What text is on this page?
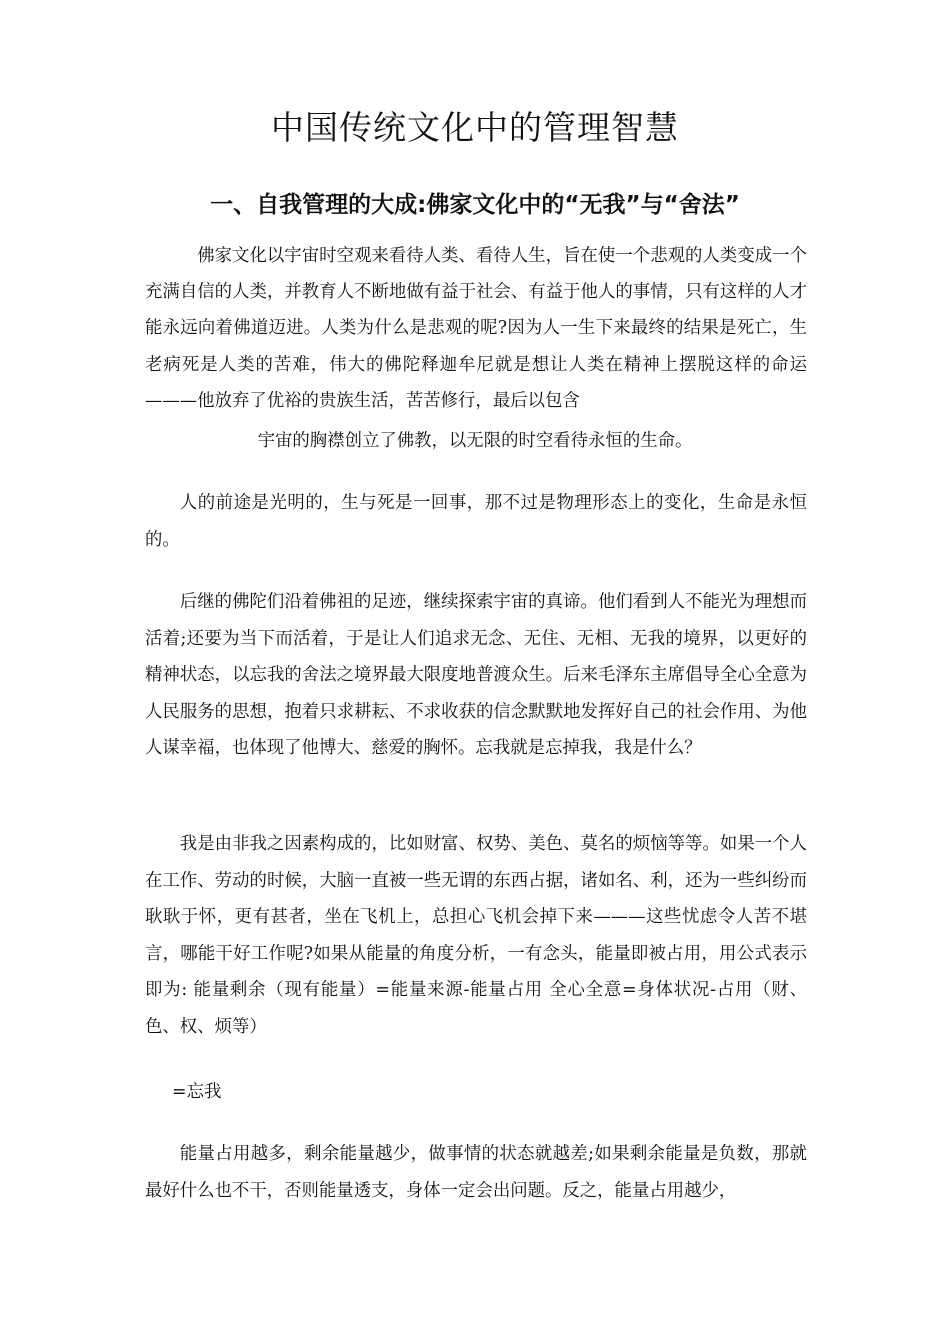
中国传统文化中的管理智慧
一、自我管理的大成:佛家文化中的“无我”与“舍法”

佛家文化以宇宙时空观来看待人类、看待人生，旨在使一个悲观的人类变成一个充满自信的人类，并教育人不断地做有益于社会、有益于他人的事情，只有这样的人才能永远向着佛道迈进。人类为什么是悲观的呢?因为人一生下来最终的结果是死亡，生老病死是人类的苦难，伟大的佛陀释迦牟尼就是想让人类在精神上摆脱这样的命运———他放弃了优裕的贵族生活，苦苦修行，最后以包含

宇宙的胸襟创立了佛教，以无限的时空看待永恒的生命。

人的前途是光明的，生与死是一回事，那不过是物理形态上的变化，生命是永恒的。

后继的佛陀们沿着佛祖的足迹，继续探索宇宙的真谛。他们看到人不能光为理想而活着;还要为当下而活着，于是让人们追求无念、无住、无相、无我的境界，以更好的精神状态，以忘我的舍法之境界最大限度地普渡众生。后来毛泽东主席倡导全心全意为人民服务的思想，抱着只求耕耘、不求收获的信念默默地发挥好自己的社会作用、为他人谋幸福，也体现了他博大、慈爱的胸怀。忘我就是忘掉我，我是什么？

我是由非我之因素构成的，比如财富、权势、美色、莫名的烦恼等等。如果一个人在工作、劳动的时候，大脑一直被一些无谓的东西占据，诸如名、利，还为一些纠纷而耿耿于怀，更有甚者，坐在飞机上，总担心飞机会掉下来———这些忧虑令人苦不堪言，哪能干好工作呢?如果从能量的角度分析，一有念头，能量即被占用，用公式表示即为: 能量剩余（现有能量）=能量来源-能量占用 全心全意=身体状况-占用（财、色、权、烦等）

=忘我

能量占用越多，剩余能量越少，做事情的状态就越差;如果剩余能量是负数，那就最好什么也不干，否则能量透支，身体一定会出问题。反之，能量占用越少，
